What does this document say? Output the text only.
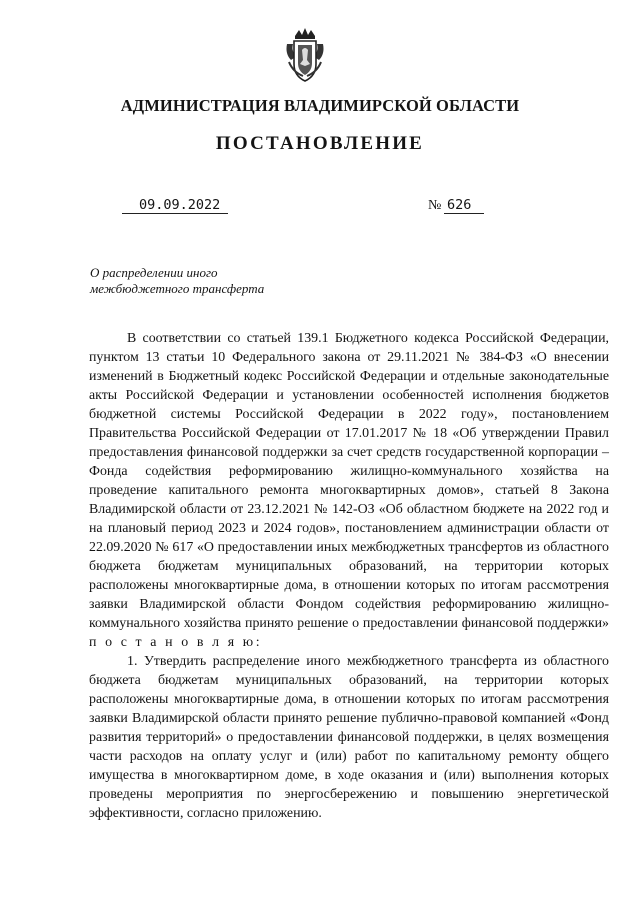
АДМИНИСТРАЦИЯ ВЛАДИМИРСКОЙ ОБЛАСТИ
ПОСТАНОВЛЕНИЕ
09.09.2022	№ 626
О распределении иного
межбюджетного трансферта

В соответствии со статьей 139.1 Бюджетного кодекса Российской Федерации, пунктом 13 статьи 10 Федерального закона от 29.11.2021 № 384-ФЗ «О внесении изменений в Бюджетный кодекс Российской Федерации и отдельные законодательные акты Российской Федерации и установлении особенностей исполнения бюджетов бюджетной системы Российской Федерации в 2022 году», постановлением Правительства Российской Федерации от 17.01.2017 № 18 «Об утверждении Правил предоставления финансовой поддержки за счет средств государственной корпорации – Фонда содействия реформированию жилищно-коммунального хозяйства на проведение капитального ремонта многоквартирных домов», статьей 8 Закона Владимирской области от 23.12.2021 № 142-ОЗ «Об областном бюджете на 2022 год и на плановый период 2023 и 2024 годов», постановлением администрации области от 22.09.2020 № 617 «О предоставлении иных межбюджетных трансфертов из областного бюджета бюджетам муниципальных образований, на территории которых расположены многоквартирные дома, в отношении которых по итогам рассмотрения заявки Владимирской области Фондом содействия реформированию жилищно-коммунального хозяйства принято решение о предоставлении финансовой поддержки» п о с т а н о в л я ю:

1. Утвердить распределение иного межбюджетного трансферта из областного бюджета бюджетам муниципальных образований, на территории которых расположены многоквартирные дома, в отношении которых по итогам рассмотрения заявки Владимирской области принято решение публично-правовой компанией «Фонд развития территорий» о предоставлении финансовой поддержки, в целях возмещения части расходов на оплату услуг и (или) работ по капитальному ремонту общего имущества в многоквартирном доме, в ходе оказания и (или) выполнения которых проведены мероприятия по энергосбережению и повышению энергетической эффективности, согласно приложению.
